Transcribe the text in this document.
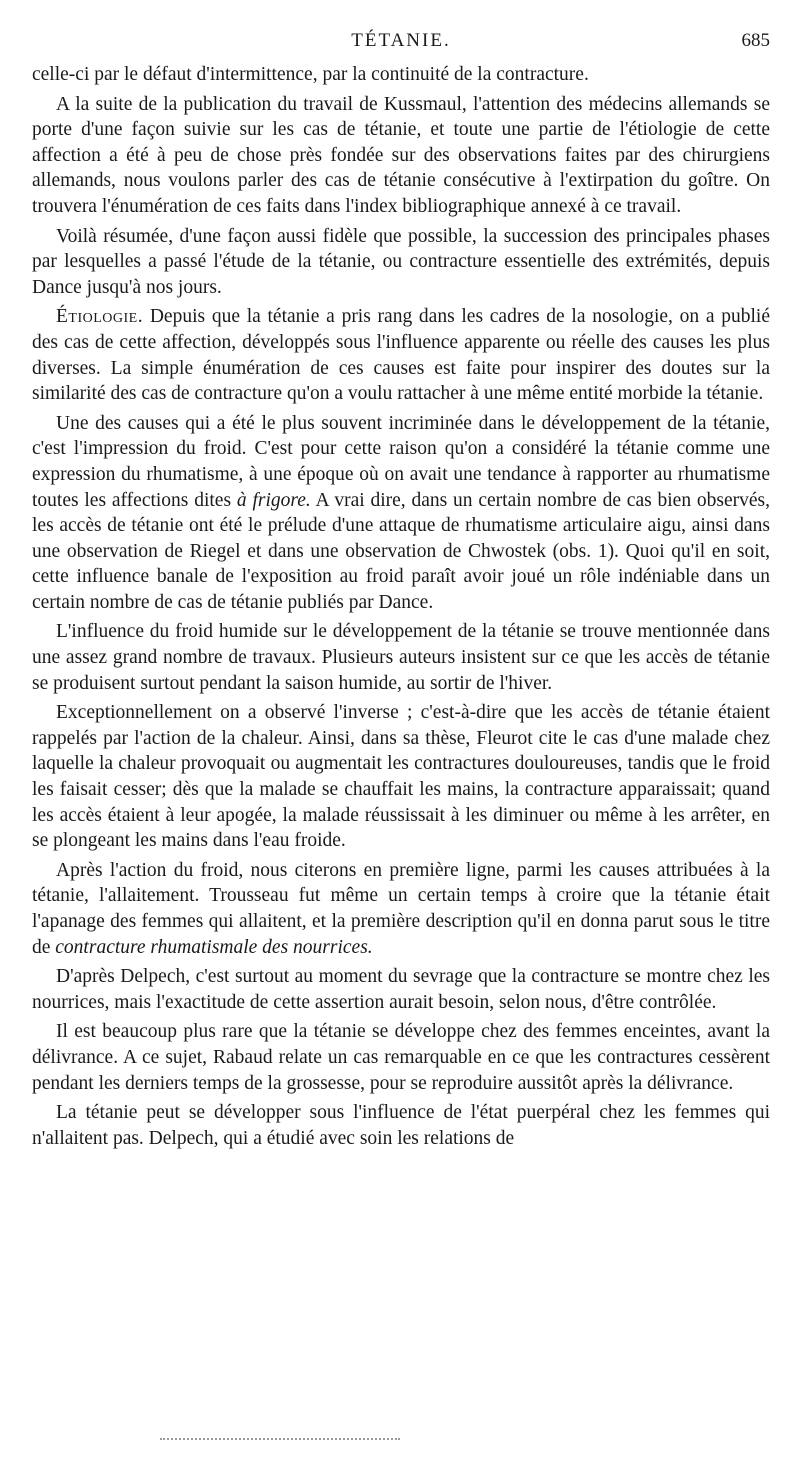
TÉTANIE.	685

celle-ci par le défaut d'intermittence, par la continuité de la contracture.

A la suite de la publication du travail de Kussmaul, l'attention des médecins allemands se porte d'une façon suivie sur les cas de tétanie, et toute une partie de l'étiologie de cette affection a été à peu de chose près fondée sur des observations faites par des chirurgiens allemands, nous voulons parler des cas de tétanie consécutive à l'extirpation du goître. On trouvera l'énumération de ces faits dans l'index bibliographique annexé à ce travail.

Voilà résumée, d'une façon aussi fidèle que possible, la succession des principales phases par lesquelles a passé l'étude de la tétanie, ou contracture essentielle des extrémités, depuis Dance jusqu'à nos jours.

Étiologie. Depuis que la tétanie a pris rang dans les cadres de la nosologie, on a publié des cas de cette affection, développés sous l'influence apparente ou réelle des causes les plus diverses. La simple énumération de ces causes est faite pour inspirer des doutes sur la similarité des cas de contracture qu'on a voulu rattacher à une même entité morbide la tétanie.

Une des causes qui a été le plus souvent incriminée dans le développement de la tétanie, c'est l'impression du froid. C'est pour cette raison qu'on a considéré la tétanie comme une expression du rhumatisme, à une époque où on avait une tendance à rapporter au rhumatisme toutes les affections dites à frigore. A vrai dire, dans un certain nombre de cas bien observés, les accès de tétanie ont été le prélude d'une attaque de rhumatisme articulaire aigu, ainsi dans une observation de Riegel et dans une observation de Chwostek (obs. 1). Quoi qu'il en soit, cette influence banale de l'exposition au froid paraît avoir joué un rôle indéniable dans un certain nombre de cas de tétanie publiés par Dance.

L'influence du froid humide sur le développement de la tétanie se trouve mentionnée dans une assez grand nombre de travaux. Plusieurs auteurs insistent sur ce que les accès de tétanie se produisent surtout pendant la saison humide, au sortir de l'hiver.

Exceptionnellement on a observé l'inverse ; c'est-à-dire que les accès de tétanie étaient rappelés par l'action de la chaleur. Ainsi, dans sa thèse, Fleurot cite le cas d'une malade chez laquelle la chaleur provoquait ou augmentait les contractures douloureuses, tandis que le froid les faisait cesser; dès que la malade se chauffait les mains, la contracture apparaissait; quand les accès étaient à leur apogée, la malade réussissait à les diminuer ou même à les arrêter, en se plongeant les mains dans l'eau froide.

Après l'action du froid, nous citerons en première ligne, parmi les causes attribuées à la tétanie, l'allaitement. Trousseau fut même un certain temps à croire que la tétanie était l'apanage des femmes qui allaitent, et la première description qu'il en donna parut sous le titre de contracture rhumatismale des nourrices.

D'après Delpech, c'est surtout au moment du sevrage que la contracture se montre chez les nourrices, mais l'exactitude de cette assertion aurait besoin, selon nous, d'être contrôlée.

Il est beaucoup plus rare que la tétanie se développe chez des femmes enceintes, avant la délivrance. A ce sujet, Rabaud relate un cas remarquable en ce que les contractures cessèrent pendant les derniers temps de la grossesse, pour se reproduire aussitôt après la délivrance.

La tétanie peut se développer sous l'influence de l'état puerpéral chez les femmes qui n'allaitent pas. Delpech, qui a étudié avec soin les relations de
